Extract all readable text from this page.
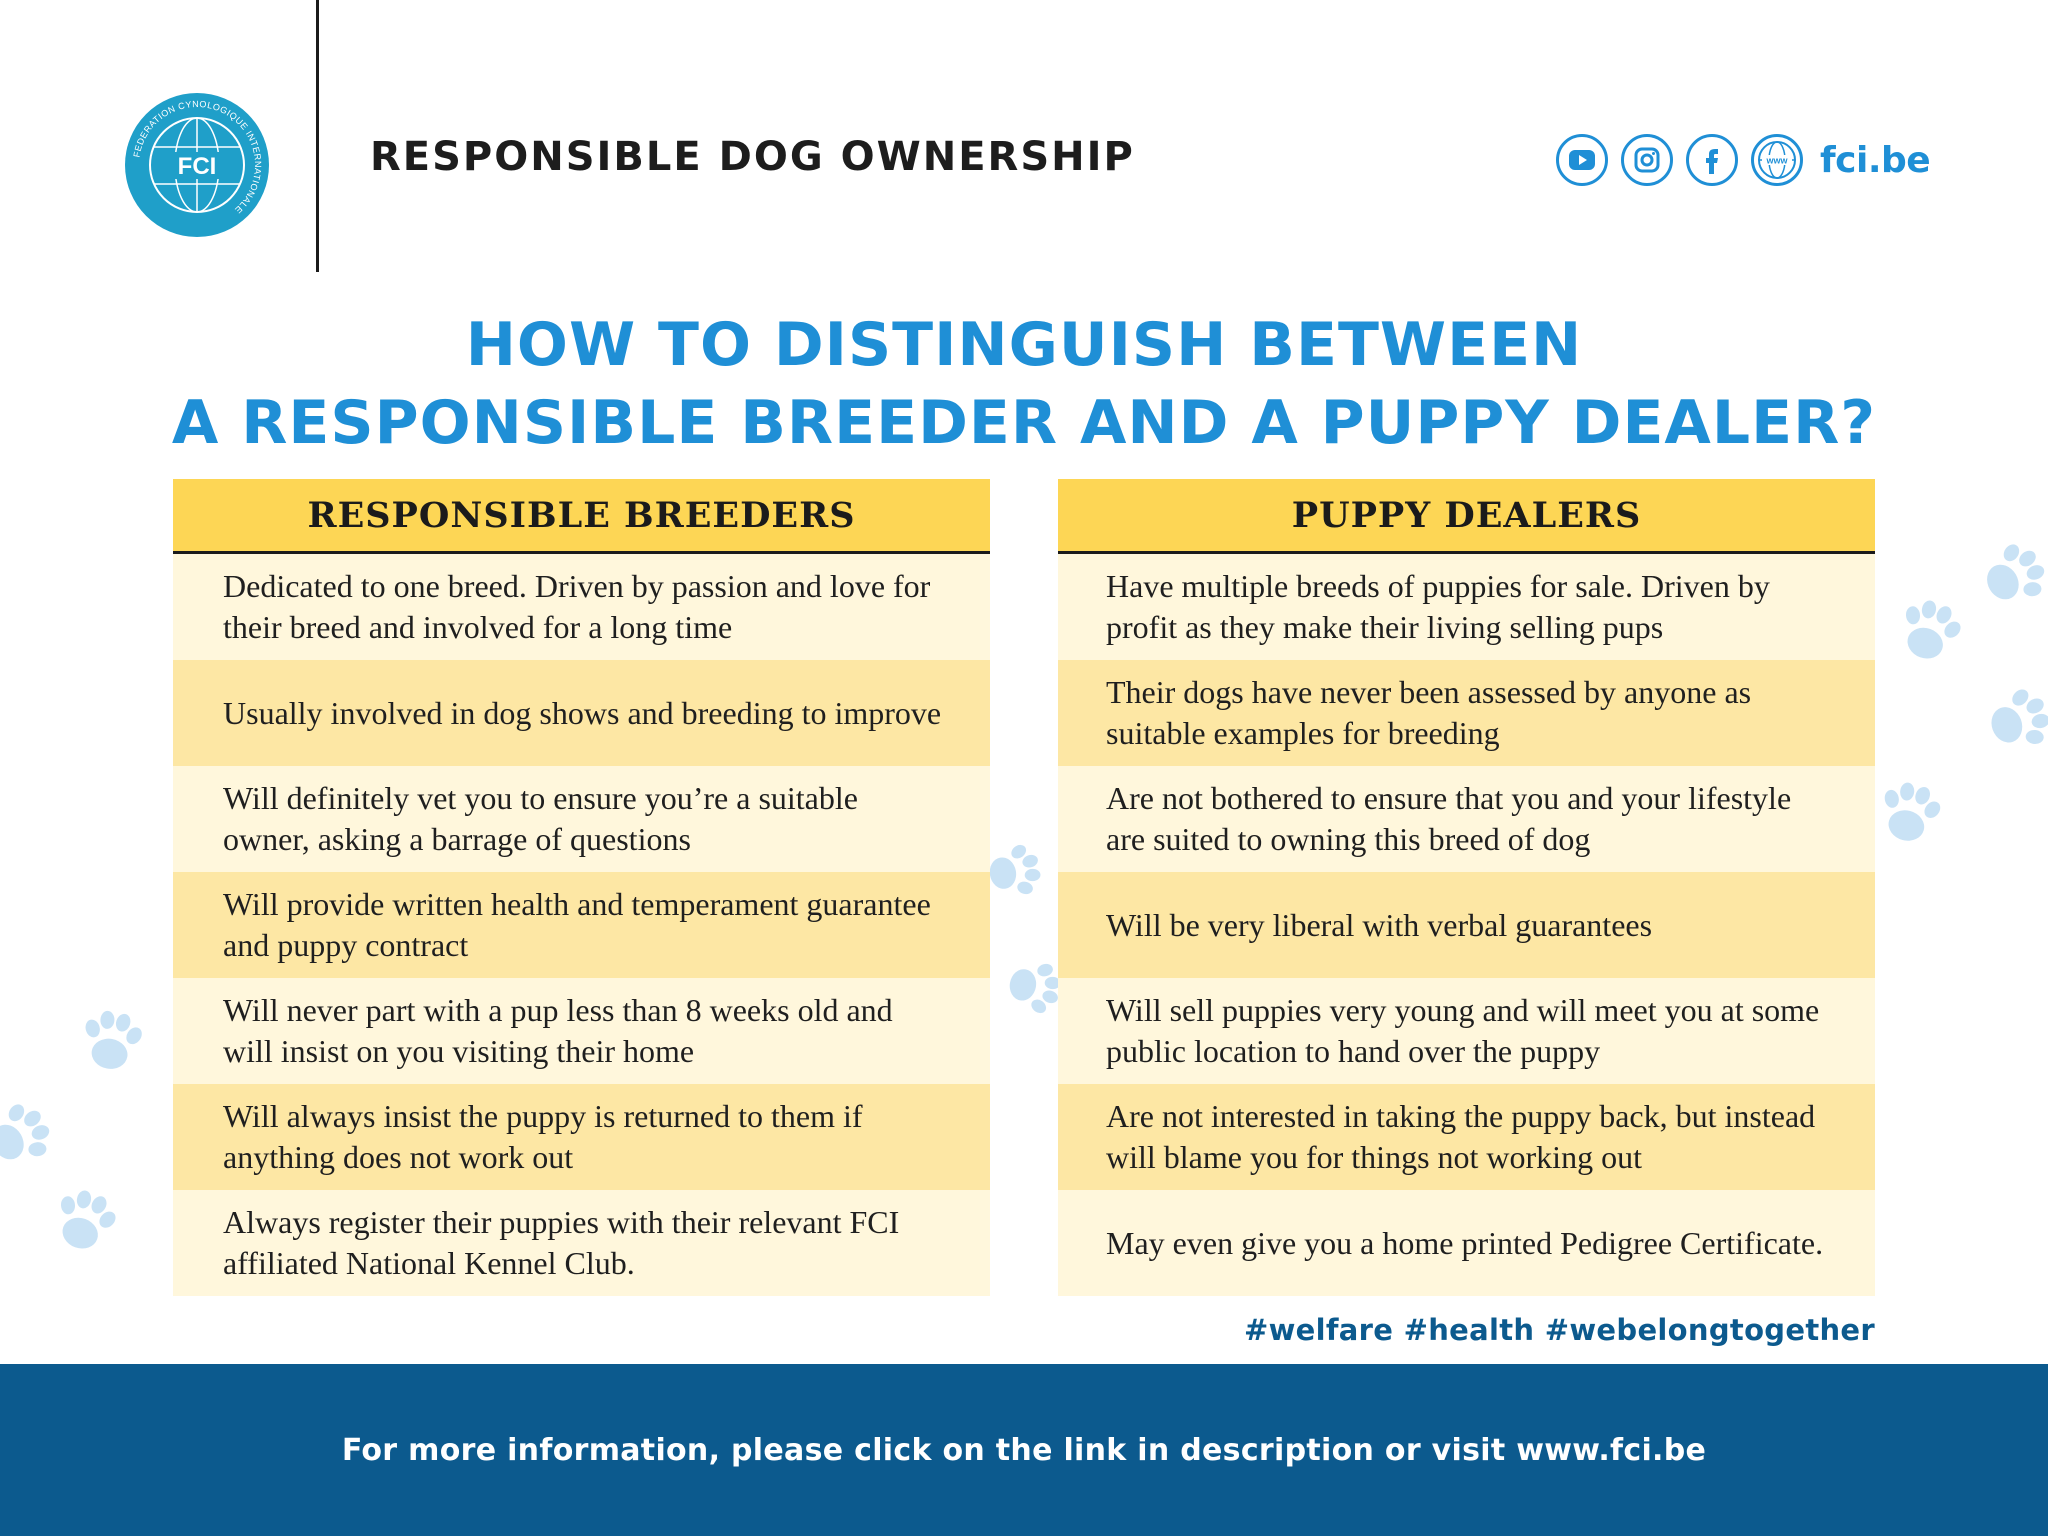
FCI
FEDERATION CYNOLOGIQUE INTERNATIONALE
RESPONSIBLE DOG OWNERSHIP	www fci.be
HOW TO DISTINGUISH BETWEEN
A RESPONSIBLE BREEDER AND A PUPPY DEALER?
RESPONSIBLE BREEDERS
Dedicated to one breed. Driven by passion and love for their breed and involved for a long time
Usually involved in dog shows and breeding to improve
Will definitely vet you to ensure you’re a suitable owner, asking a barrage of questions
Will provide written health and temperament guarantee and puppy contract
Will never part with a pup less than 8 weeks old and will insist on you visiting their home
Will always insist the puppy is returned to them if anything does not work out
Always register their puppies with their relevant FCI affiliated National Kennel Club.
PUPPY DEALERS
Have multiple breeds of puppies for sale. Driven by profit as they make their living selling pups
Their dogs have never been assessed by anyone as suitable examples for breeding
Are not bothered to ensure that you and your lifestyle are suited to owning this breed of dog
Will be very liberal with verbal guarantees
Will sell puppies very young and will meet you at some public location to hand over the puppy
Are not interested in taking the puppy back, but instead will blame you for things not working out
May even give you a home printed Pedigree Certificate.
#welfare #health #webelongtogether
For more information, please click on the link in description or visit www.fci.be
